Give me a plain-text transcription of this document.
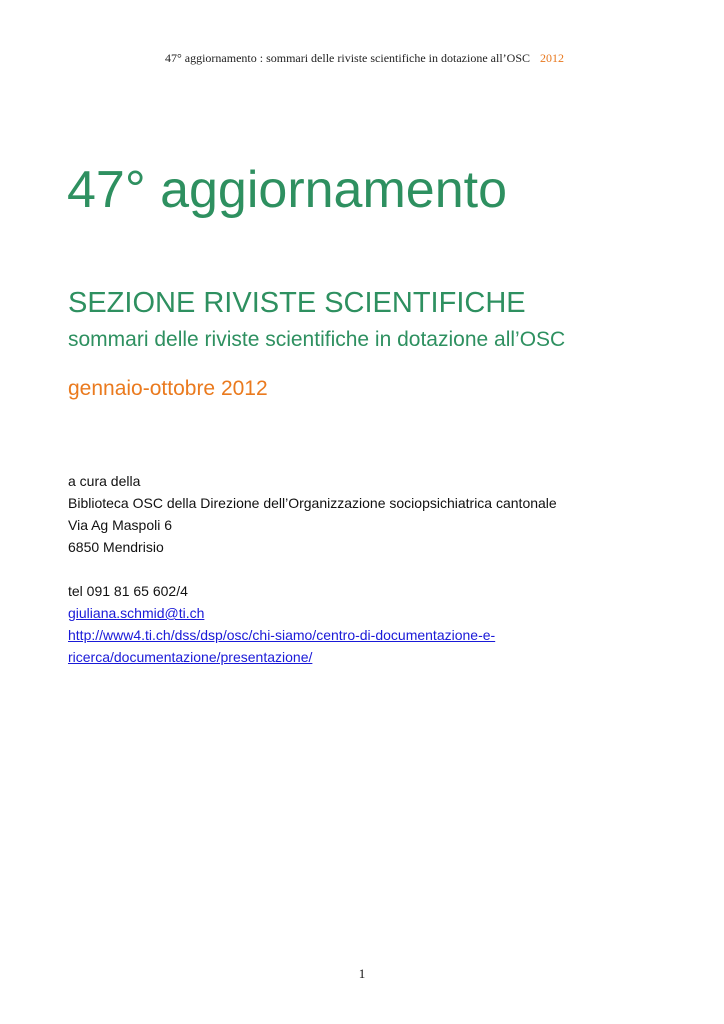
47° aggiornamento : sommari delle riviste scientifiche in dotazione all’OSC 2012
47° aggiornamento
SEZIONE RIVISTE SCIENTIFICHE
sommari delle riviste scientifiche in dotazione all’OSC
gennaio-ottobre 2012
a cura della
Biblioteca OSC della Direzione dell’Organizzazione sociopsichiatrica cantonale
Via Ag Maspoli 6
6850 Mendrisio
tel 091 81 65 602/4
giuliana.schmid@ti.ch
http://www4.ti.ch/dss/dsp/osc/chi-siamo/centro-di-documentazione-e-
ricerca/documentazione/presentazione/
1
